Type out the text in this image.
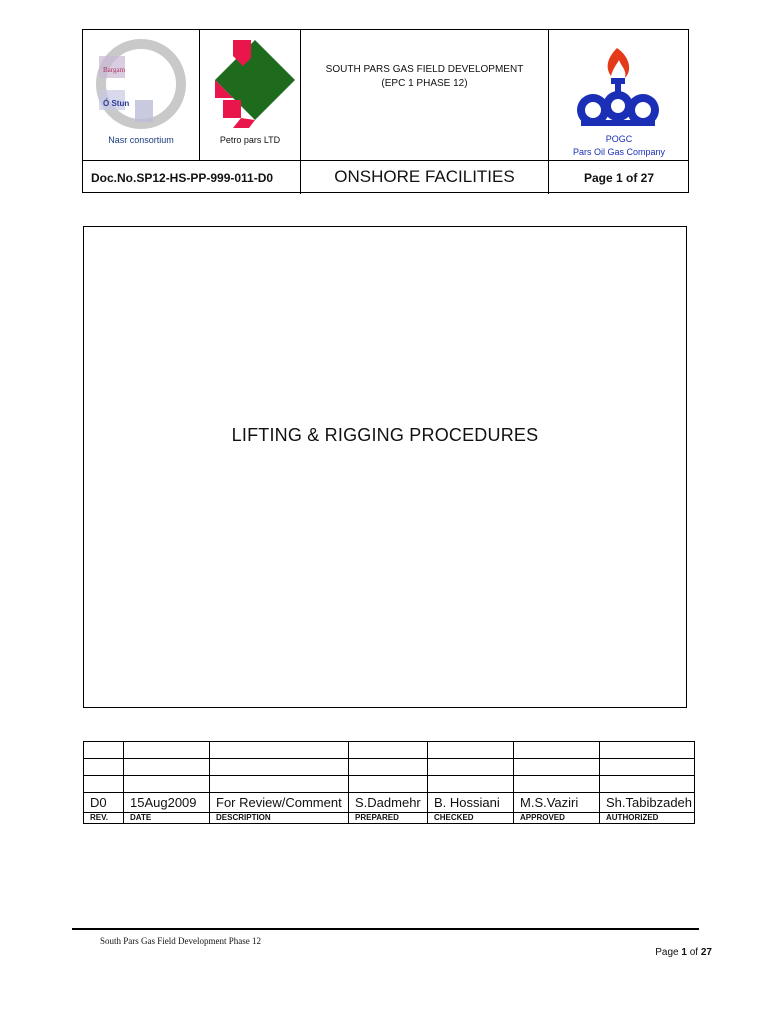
Bargam
Ó Stun
Nasr consortium	Petro pars LTD
SOUTH PARS GAS FIELD DEVELOPMENT
(EPC 1 PHASE 12)
POGC
Pars Oil Gas Company
Doc.No.SP12-HS-PP-999-011-D0	ONSHORE FACILITIES	Page 1 of 27
LIFTING & RIGGING PROCEDURES

D0	15Aug2009	For Review/Comment	S.Dadmehr	B. Hossiani	M.S.Vaziri	Sh.Tabibzadeh
REV.	DATE	DESCRIPTION	PREPARED	CHECKED	APPROVED	AUTHORIZED
South Pars Gas Field Development Phase 12
Page 1 of 27
